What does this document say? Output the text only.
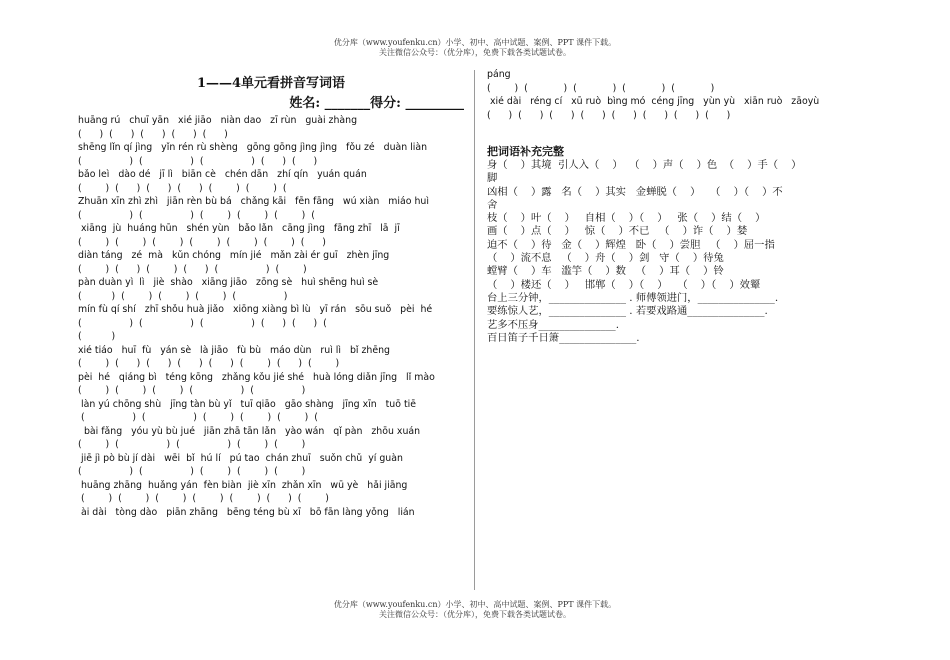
优分库（www.youfenku.cn）小学、初中、高中试题、案例、PPT 课件下载。
关注微信公众号：（优分库），免费下载各类试题试卷。
1——4单元看拼音写词语
姓名: _______得分: _________
huāng rú   chuī yān   xié jiāo   niàn dao   zī rùn   guài zhàng
(      )  (      )  (      )  (      )  (      )
shēng lǐn qí jìng   yǐn rén rù shèng   gōng gōng jìng jìng   fǒu zé   duàn liàn
(                )  (                )  (                )  (      )  (      )
bǎo leì   dào dé   jī lì   biān cè   chén dān   zhí qín   yuán quán
(        )  (      )  (      )  (      )  (        )  (        )  (
Zhuān xīn zhì zhì   jiān rèn bù bá   chǎng kāi   fēn fāng   wú xiàn   miáo huì
(                )  (                )  (        )  (        )  (        )  (
xiāng  jù  huáng hūn   shén yùn   bǎo lǎn   cāng jìng   fāng zhī   lā  jī
(        )  (        )  (        )  (        )  (        )  (        )  (      )
diàn táng   zé  mà   kǔn chóng   mín jié   mǎn zài ér guī   zhèn jīng
(        )  (      )  (        )  (      )  (                )  (        )
pàn duàn yì  lì   jiè  shào   xiāng jiāo   zōng sè   huì shēng huì sè
(          )  (        )  (        )  (        )  (                )
mín fù qí shí   zhī shǒu huà jiǎo   xiōng xiàng bì lù   yī rán   sōu suǒ   pèi  hé
(                )  (                )  (                )  (      )  (      )  (
(          )
xié tiáo   huī  fù   yán sè   là jiāo   fù bù   máo dùn   ruì lì   bǐ zhēng
(        )  (      )  (      )  (      )  (      )  (        )  (      )  (        )
pèi  hé   qiáng bì   téng kōng   zhǎng kǒu jié shé   huà lóng diǎn jīng   lǐ mào
(        )  (        )  (        )  (                )  (                )
làn yú chōng shù   jīng tàn bù yǐ   tuī qiāo   gāo shàng   jīng xīn   tuō tiē
(                )  (                )  (        )  (        )  (        )  (
bài fǎng   yóu yù bù jué   jiān zhā tān lǎn   yào wán   qǐ pàn   zhōu xuán
(        )  (                )  (                )  (        )  (        )
jiē jì pò bù jí dài   wēi  bǐ  hú lí   pú tao  chán zhuī   suǒn chǔ  yí guàn
(                )  (                )  (        )  (        )  (        )
huāng zhāng  huǎng yán  fèn biàn  jiè xīn  zhǎn xīn   wū yè   hǎi jiāng
(        )  (        )  (        )  (        )  (        )  (      )  (        )
ài dài   tòng dào   piān zhāng   bēng téng bù xī   bō fān làng yǒng   lián
páng
(        )  (            )  (            )  (            )  (            )
xié dài   réng cí   xū ruò  bìng mó  céng jīng   yùn yù   xiān ruò   zāoyù
(      )  (      )  (      )  (      )  (      )  (      )  (      )  (      )
把词语补充完整
身（    ）其境  引人入（    ）  （    ）声（    ）色  （    ）手（    ）
脚
凶相（    ）露   名（    ）其实   金蝉脱（    ）   （    ）（    ）不
舍
枝（    ）叶（    ）   自相（    ）（    ）   张（    ）结（    ）
画（    ）点（    ）   惊（    ）不已   （    ）诈（    ）婪
迫不（    ）待   金（    ）辉煌   卧（    ）尝胆   （    ）屈一指
（    ）流不息   （    ）舟（    ）剑   守（    ）待兔
螳臂（    ）车   滥竽（    ）数   （    ）耳（    ）铃
（    ）楼还（    ）   邯郸（    ）（    ）   （    ）（    ）效颦
台上三分钟，_______________ . 师傅领进门，_______________.
要练惊人艺，_______________ . 若要戏路通_______________.
艺多不压身_______________.
百日笛子千日箫_______________.
优分库（www.youfenku.cn）小学、初中、高中试题、案例、PPT 课件下载。
关注微信公众号：（优分库），免费下载各类试题试卷。
